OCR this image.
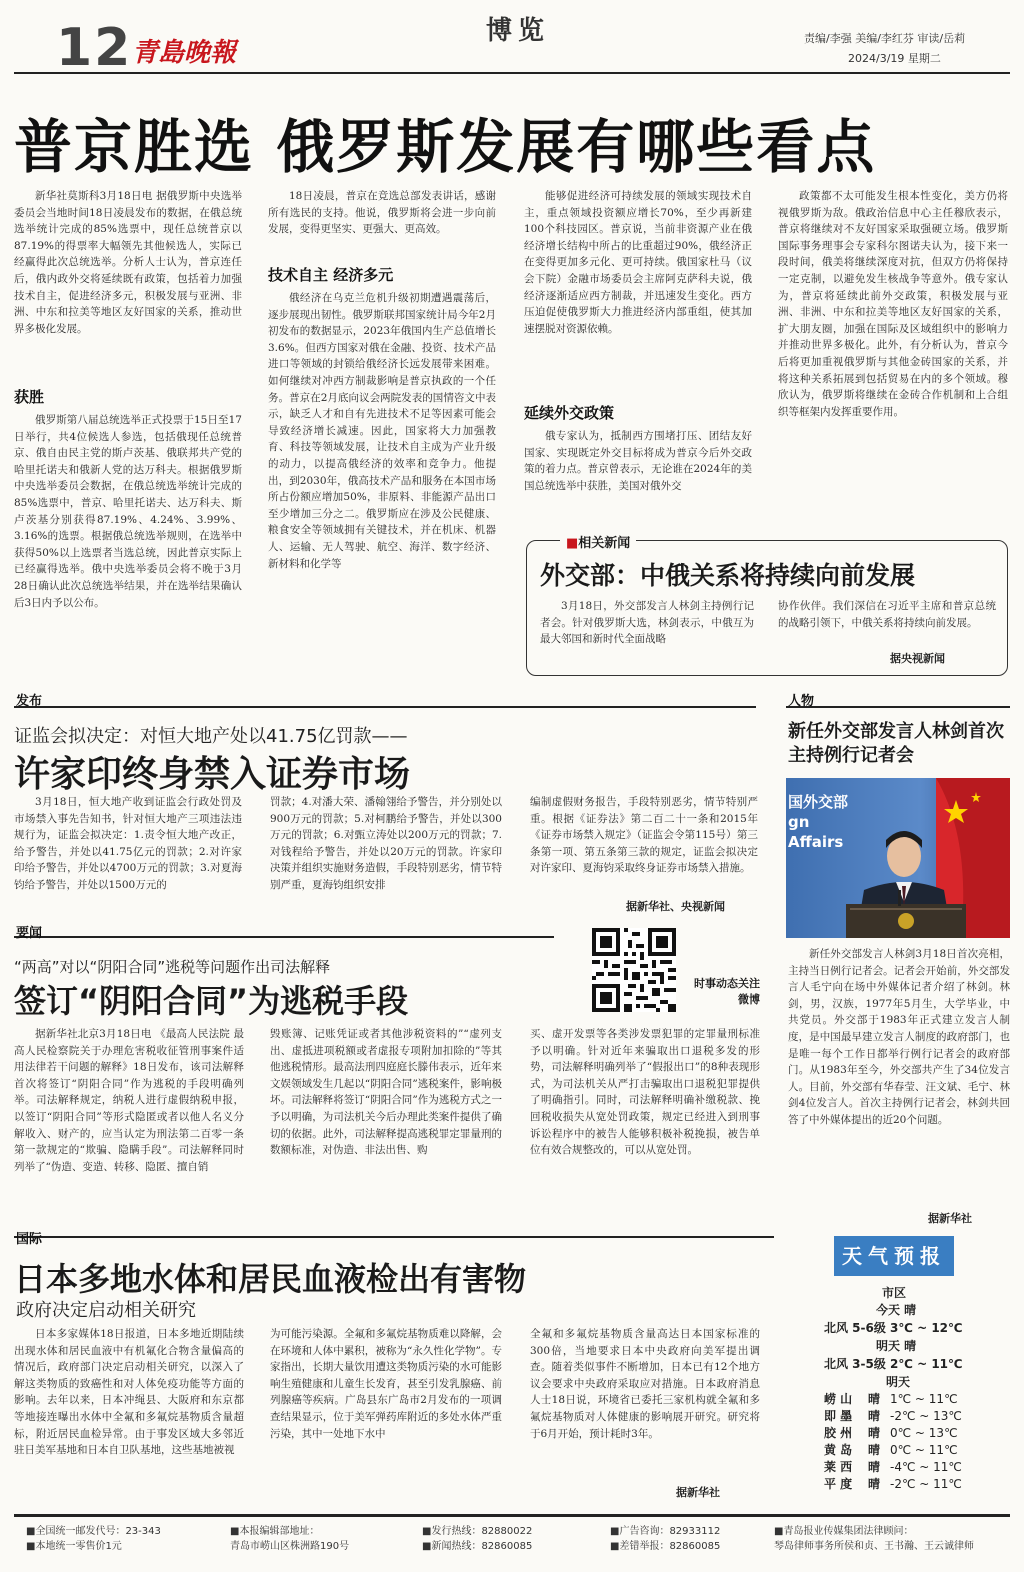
12 青島晚報
博览	责编/李强 美编/李红芬 审读/岳莉
2024/3/19 星期二
普京胜选 俄罗斯发展有哪些看点

新华社莫斯科3月18日电 据俄罗斯中央选举委员会当地时间18日凌晨发布的数据，在俄总统选举统计完成的85%选票中，现任总统普京以87.19%的得票率大幅领先其他候选人，实际已经赢得此次总统选举。分析人士认为，普京连任后，俄内政外交将延续既有政策，包括着力加强技术自主，促进经济多元，积极发展与亚洲、非洲、中东和拉美等地区友好国家的关系，推动世界多极化发展。

获胜

俄罗斯第八届总统选举正式投票于15日至17日举行，共4位候选人参选，包括俄现任总统普京、俄自由民主党的斯卢茨基、俄联邦共产党的哈里托诺夫和俄新人党的达万科夫。根据俄罗斯中央选举委员会数据，在俄总统选举统计完成的85%选票中，普京、哈里托诺夫、达万科夫、斯卢茨基分别获得87.19%、4.24%、3.99%、3.16%的选票。根据俄总统选举规则，在选举中获得50%以上选票者当选总统，因此普京实际上已经赢得选举。俄中央选举委员会将不晚于3月28日确认此次总统选举结果，并在选举结果确认后3日内予以公布。

18日凌晨，普京在竞选总部发表讲话，感谢所有选民的支持。他说，俄罗斯将会进一步向前发展，变得更坚实、更强大、更高效。

技术自主 经济多元

俄经济在乌克兰危机升级初期遭遇震荡后，逐步展现出韧性。俄罗斯联邦国家统计局今年2月初发布的数据显示，2023年俄国内生产总值增长3.6%。但西方国家对俄在金融、投资、技术产品进口等领域的封锁给俄经济长远发展带来困难。如何继续对冲西方制裁影响是普京执政的一个任务。普京在2月底向议会两院发表的国情咨文中表示，缺乏人才和自有先进技术不足等因素可能会导致经济增长减速。因此，国家将大力加强教育、科技等领域发展，让技术自主成为产业升级的动力，以提高俄经济的效率和竞争力。他提出，到2030年，俄高技术产品和服务在本国市场所占份额应增加50%，非原料、非能源产品出口至少增加三分之二。俄罗斯应在涉及公民健康、粮食安全等领域拥有关键技术，并在机床、机器人、运输、无人驾驶、航空、海洋、数字经济、新材料和化学等

能够促进经济可持续发展的领域实现技术自主，重点领域投资额应增长70%，至少再新建100个科技园区。普京说，当前非资源产业在俄经济增长结构中所占的比重超过90%，俄经济正在变得更加多元化、更可持续。俄国家杜马（议会下院）金融市场委员会主席阿克萨科夫说，俄经济逐渐适应西方制裁，并迅速发生变化。西方压迫促使俄罗斯大力推进经济内部重组，使其加速摆脱对资源依赖。

延续外交政策

俄专家认为，抵制西方围堵打压、团结友好国家、实现既定外交目标将成为普京今后外交政策的着力点。普京曾表示，无论谁在2024年的美国总统选举中获胜，美国对俄外交

政策都不太可能发生根本性变化，美方仍将视俄罗斯为敌。俄政治信息中心主任穆欣表示，普京将继续对不友好国家采取强硬立场。俄罗斯国际事务理事会专家科尔图诺夫认为，接下来一段时间，俄美将继续深度对抗，但双方仍将保持一定克制，以避免发生核战争等意外。俄专家认为，普京将延续此前外交政策，积极发展与亚洲、非洲、中东和拉美等地区友好国家的关系，扩大朋友圈，加强在国际及区域组织中的影响力并推动世界多极化。此外，有分析认为，普京今后将更加重视俄罗斯与其他金砖国家的关系，并将这种关系拓展到包括贸易在内的多个领域。穆欣认为，俄罗斯将继续在金砖合作机制和上合组织等框架内发挥重要作用。

■相关新闻
外交部：中俄关系将持续向前发展

3月18日，外交部发言人林剑主持例行记者会。针对俄罗斯大选，林剑表示，中俄互为最大邻国和新时代全面战略

协作伙伴。我们深信在习近平主席和普京总统的战略引领下，中俄关系将持续向前发展。

据央视新闻
发布
证监会拟决定：对恒大地产处以41.75亿罚款——
许家印终身禁入证券市场

3月18日，恒大地产收到证监会行政处罚及市场禁入事先告知书，针对恒大地产三项违法违规行为，证监会拟决定：1.责令恒大地产改正，给予警告，并处以41.75亿元的罚款；2.对许家印给予警告，并处以4700万元的罚款；3.对夏海钧给予警告，并处以1500万元的

罚款；4.对潘大荣、潘翰翎给予警告，并分别处以900万元的罚款；5.对柯鹏给予警告，并处以300万元的罚款；6.对甄立涛处以200万元的罚款；7.对钱程给予警告，并处以20万元的罚款。许家印决策并组织实施财务造假，手段特别恶劣，情节特别严重，夏海钧组织安排

编制虚假财务报告，手段特别恶劣，情节特别严重。根据《证券法》第二百二十一条和2015年《证券市场禁入规定》（证监会令第115号）第三条第一项、第五条第三款的规定，证监会拟决定对许家印、夏海钧采取终身证券市场禁入措施。

据新华社、央视新闻
要闻
“两高”对以“阴阳合同”逃税等问题作出司法解释
签订“阴阳合同”为逃税手段	时事动态关注微博

据新华社北京3月18日电 《最高人民法院 最高人民检察院关于办理危害税收征管刑事案件适用法律若干问题的解释》18日发布，该司法解释首次将签订“阴阳合同”作为逃税的手段明确列举。司法解释规定，纳税人进行虚假纳税申报，以签订“阴阳合同”等形式隐匿或者以他人名义分解收入、财产的，应当认定为刑法第二百零一条第一款规定的“欺骗、隐瞒手段”。司法解释同时列举了“伪造、变造、转移、隐匿、擅自销

毁账簿、记账凭证或者其他涉税资料的”“虚列支出、虚抵进项税额或者虚报专项附加扣除的”等其他逃税情形。最高法刑四庭庭长滕伟表示，近年来文娱领域发生几起以“阴阳合同”逃税案件，影响极坏。司法解释将签订“阴阳合同”作为逃税方式之一予以明确，为司法机关今后办理此类案件提供了确切的依据。此外，司法解释提高逃税罪定罪量刑的数额标准，对伪造、非法出售、购

买、虚开发票等各类涉发票犯罪的定罪量刑标准予以明确。针对近年来骗取出口退税多发的形势，司法解释明确列举了“假报出口”的8种表现形式，为司法机关从严打击骗取出口退税犯罪提供了明确指引。同时，司法解释明确补缴税款、挽回税收损失从宽处罚政策，规定已经进入到刑事诉讼程序中的被告人能够积极补税挽损，被告单位有效合规整改的，可以从宽处罚。

人物
新任外交部发言人林剑首次主持例行记者会
国外交部 gn Affairs

新任外交部发言人林剑3月18日首次亮相，主持当日例行记者会。记者会开始前，外交部发言人毛宁向在场中外媒体记者介绍了林剑。林剑，男，汉族，1977年5月生，大学毕业，中共党员。外交部于1983年正式建立发言人制度，是中国最早建立发言人制度的政府部门，也是唯一每个工作日都举行例行记者会的政府部门。从1983年至今，外交部共产生了34位发言人。目前，外交部有华春莹、汪文斌、毛宁、林剑4位发言人。首次主持例行记者会，林剑共回答了中外媒体提出的近20个问题。

据新华社
国际
日本多地水体和居民血液检出有害物
政府决定启动相关研究

日本多家媒体18日报道，日本多地近期陆续出现水体和居民血液中有机氟化合物含量偏高的情况后，政府部门决定启动相关研究，以深入了解这类物质的致癌性和对人体免疫功能等方面的影响。去年以来，日本冲绳县、大阪府和东京都等地接连曝出水体中全氟和多氟烷基物质含量超标，附近居民血检异常。由于事发区域大多邻近驻日美军基地和日本自卫队基地，这些基地被视

为可能污染源。全氟和多氟烷基物质难以降解，会在环境和人体中累积，被称为“永久性化学物”。专家指出，长期大量饮用遭这类物质污染的水可能影响生殖健康和儿童生长发育，甚至引发乳腺癌、前列腺癌等疾病。广岛县东广岛市2月发布的一项调查结果显示，位于美军弹药库附近的多处水体严重污染，其中一处地下水中

全氟和多氟烷基物质含量高达日本国家标准的300倍，当地要求日本中央政府向美军提出调查。随着类似事件不断增加，日本已有12个地方议会要求中央政府采取应对措施。日本政府消息人士18日说，环境省已委托三家机构就全氟和多氟烷基物质对人体健康的影响展开研究。研究将于6月开始，预计耗时3年。

据新华社
天气预报
市区
今天 晴
北风 5-6级 3℃ ~ 12℃
明天 晴
北风 3-5级 2℃ ~ 11℃
明天
崂 山 晴 1℃ ~ 11℃
即 墨 晴 -2℃ ~ 13℃
胶 州 晴 0℃ ~ 13℃
黄 岛 晴 0℃ ~ 11℃
莱 西 晴 -4℃ ~ 11℃
平 度 晴 -2℃ ~ 11℃
■全国统一邮发代号：23-343
■本地统一零售价1元
■本报编辑部地址：
青岛市崂山区株洲路190号
■发行热线：82880022
■新闻热线：82860085
■广告咨询：82933112
■差错举报：82860085
■青岛报业传媒集团法律顾问：
琴岛律师事务所侯和贞、王书瀚、王云诚律师
